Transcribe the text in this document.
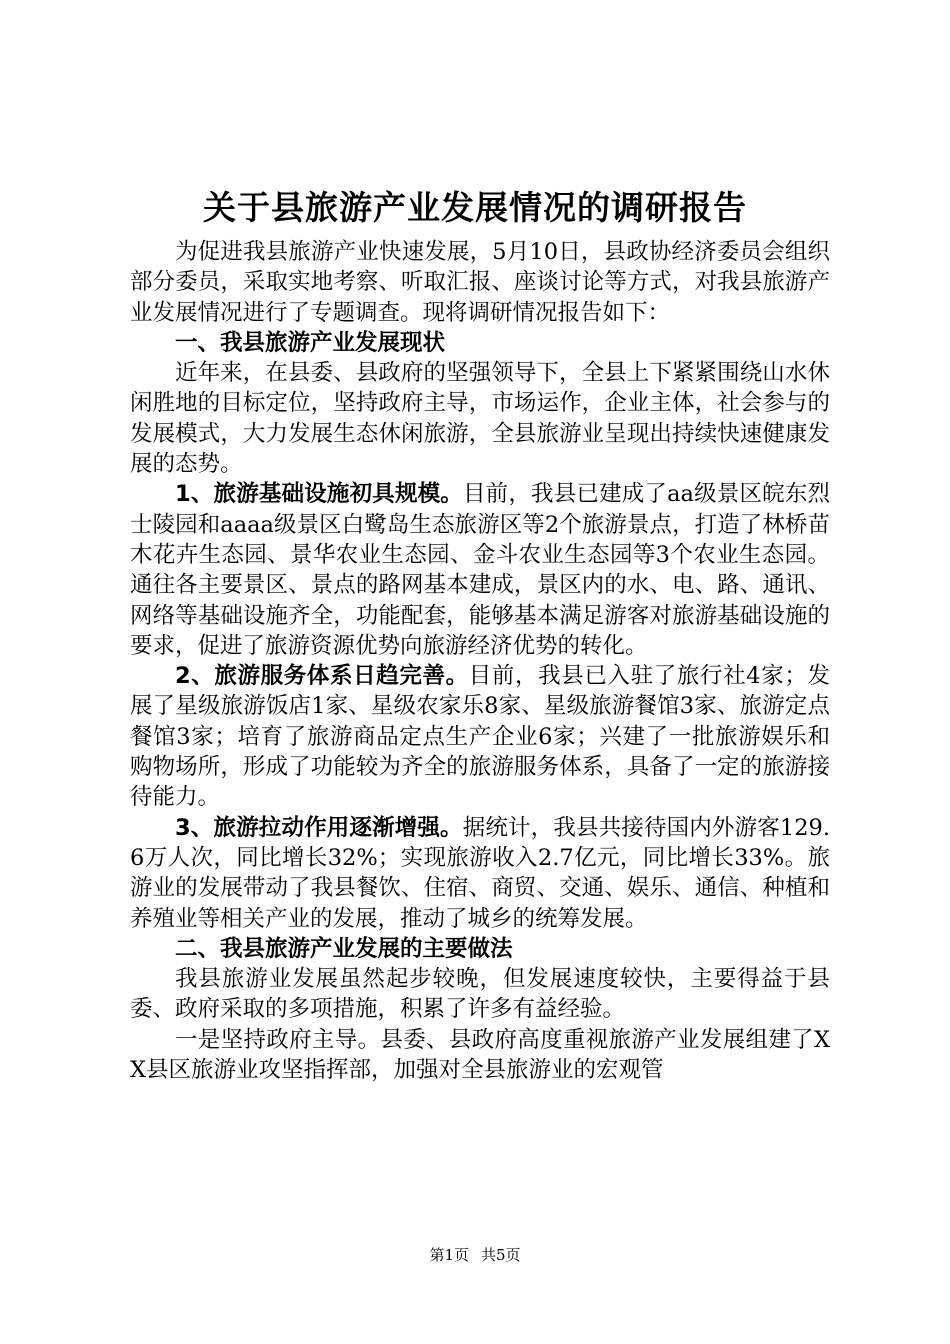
关于县旅游产业发展情况的调研报告

为促进我县旅游产业快速发展，5月10日，县政协经济委员会组织部分委员，采取实地考察、听取汇报、座谈讨论等方式，对我县旅游产业发展情况进行了专题调查。现将调研情况报告如下：

一、我县旅游产业发展现状

近年来，在县委、县政府的坚强领导下，全县上下紧紧围绕山水休闲胜地的目标定位，坚持政府主导，市场运作，企业主体，社会参与的发展模式，大力发展生态休闲旅游，全县旅游业呈现出持续快速健康发展的态势。

1、旅游基础设施初具规模。目前，我县已建成了aa级景区皖东烈士陵园和aaaa级景区白鹭岛生态旅游区等2个旅游景点，打造了林桥苗木花卉生态园、景华农业生态园、金斗农业生态园等3个农业生态园。通往各主要景区、景点的路网基本建成，景区内的水、电、路、通讯、网络等基础设施齐全，功能配套，能够基本满足游客对旅游基础设施的要求，促进了旅游资源优势向旅游经济优势的转化。

2、旅游服务体系日趋完善。目前，我县已入驻了旅行社4家；发展了星级旅游饭店1家、星级农家乐8家、星级旅游餐馆3家、旅游定点餐馆3家；培育了旅游商品定点生产企业6家；兴建了一批旅游娱乐和购物场所，形成了功能较为齐全的旅游服务体系，具备了一定的旅游接待能力。

3、旅游拉动作用逐渐增强。据统计，我县共接待国内外游客129.6万人次，同比增长32%；实现旅游收入2.7亿元，同比增长33%。旅游业的发展带动了我县餐饮、住宿、商贸、交通、娱乐、通信、种植和养殖业等相关产业的发展，推动了城乡的统筹发展。

二、我县旅游产业发展的主要做法

我县旅游业发展虽然起步较晚，但发展速度较快，主要得益于县委、政府采取的多项措施，积累了许多有益经验。

一是坚持政府主导。县委、县政府高度重视旅游产业发展组建了XX县区旅游业攻坚指挥部，加强对全县旅游业的宏观管

第1页 共5页
